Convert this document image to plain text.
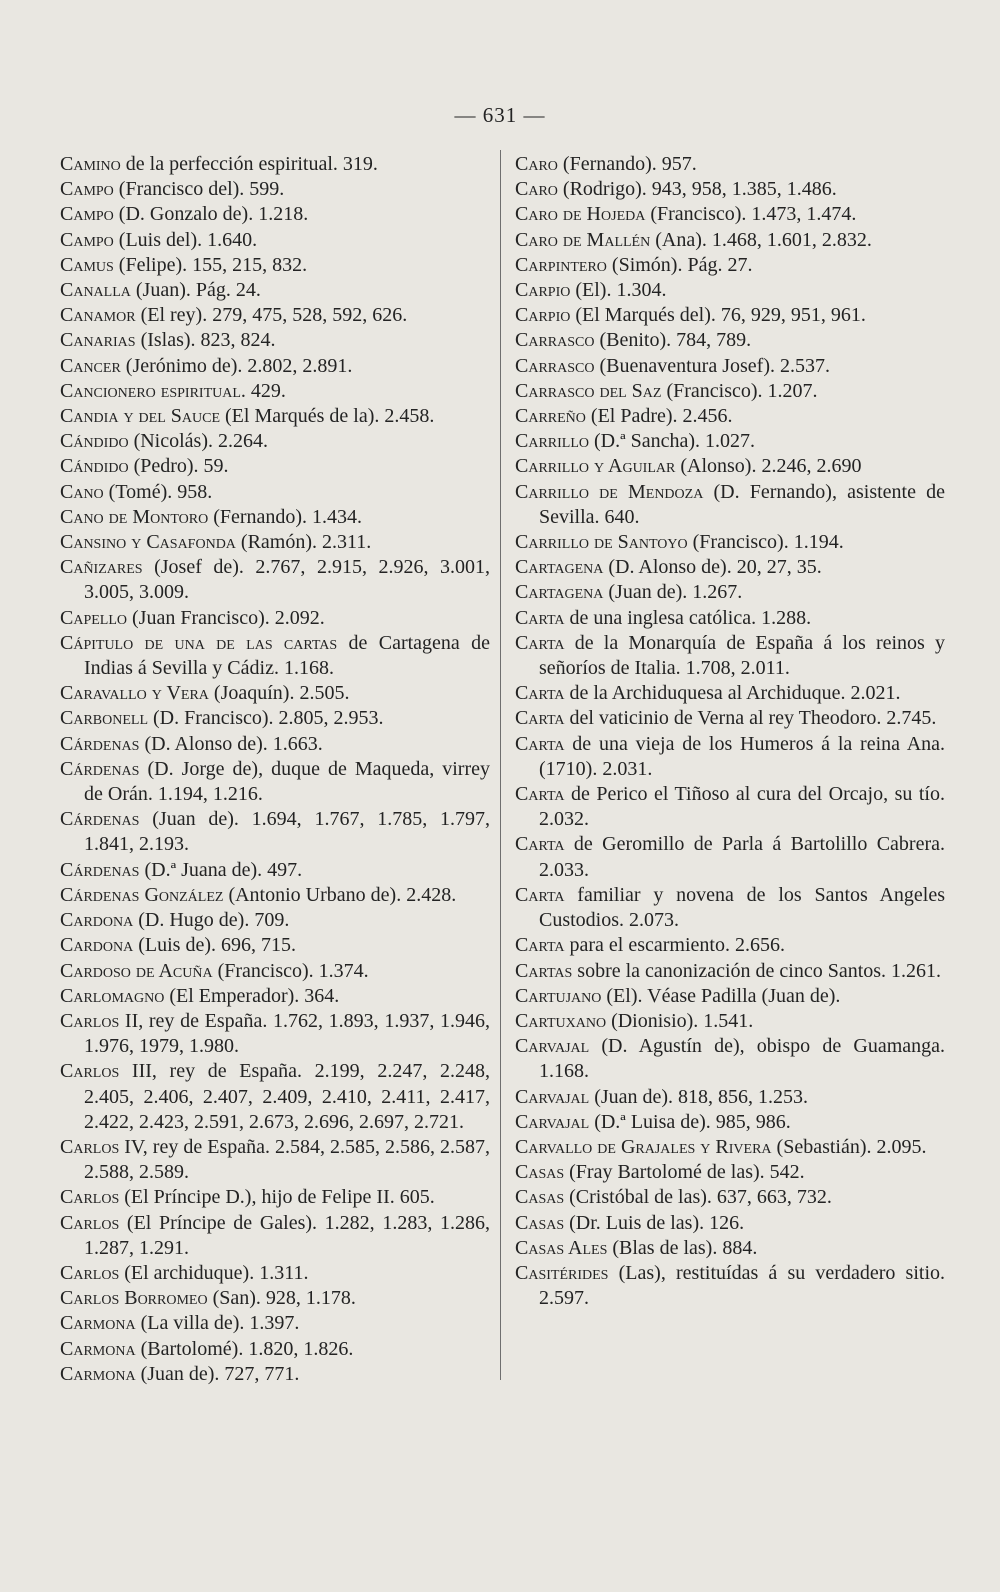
— 631 —
Camino de la perfección espiritual. 319.
Campo (Francisco del). 599.
Campo (D. Gonzalo de). 1.218.
Campo (Luis del). 1.640.
Camus (Felipe). 155, 215, 832.
Canalla (Juan). Pág. 24.
Canamor (El rey). 279, 475, 528, 592, 626.
Canarias (Islas). 823, 824.
Cancer (Jerónimo de). 2.802, 2.891.
Cancionero espiritual. 429.
Candia y del Sauce (El Marqués de la). 2.458.
Cándido (Nicolás). 2.264.
Cándido (Pedro). 59.
Cano (Tomé). 958.
Cano de Montoro (Fernando). 1.434.
Cansino y Casafonda (Ramón). 2.311.
Cañizares (Josef de). 2.767, 2.915, 2.926, 3.001, 3.005, 3.009.
Capello (Juan Francisco). 2.092.
Cápitulo de una de las cartas de Cartagena de Indias á Sevilla y Cádiz. 1.168.
Caravallo y Vera (Joaquín). 2.505.
Carbonell (D. Francisco). 2.805, 2.953.
Cárdenas (D. Alonso de). 1.663.
Cárdenas (D. Jorge de), duque de Maqueda, virrey de Orán. 1.194, 1.216.
Cárdenas (Juan de). 1.694, 1.767, 1.785, 1.797, 1.841, 2.193.
Cárdenas (D.ª Juana de). 497.
Cárdenas González (Antonio Urbano de). 2.428.
Cardona (D. Hugo de). 709.
Cardona (Luis de). 696, 715.
Cardoso de Acuña (Francisco). 1.374.
Carlomagno (El Emperador). 364.
Carlos II, rey de España. 1.762, 1.893, 1.937, 1.946, 1.976, 1979, 1.980.
Carlos III, rey de España. 2.199, 2.247, 2.248, 2.405, 2.406, 2.407, 2.409, 2.410, 2.411, 2.417, 2.422, 2.423, 2.591, 2.673, 2.696, 2.697, 2.721.
Carlos IV, rey de España. 2.584, 2.585, 2.586, 2.587, 2.588, 2.589.
Carlos (El Príncipe D.), hijo de Felipe II. 605.
Carlos (El Príncipe de Gales). 1.282, 1.283, 1.286, 1.287, 1.291.
Carlos (El archiduque). 1.311.
Carlos Borromeo (San). 928, 1.178.
Carmona (La villa de). 1.397.
Carmona (Bartolomé). 1.820, 1.826.
Carmona (Juan de). 727, 771.
Caro (Fernando). 957.
Caro (Rodrigo). 943, 958, 1.385, 1.486.
Caro de Hojeda (Francisco). 1.473, 1.474.
Caro de Mallén (Ana). 1.468, 1.601, 2.832.
Carpintero (Simón). Pág. 27.
Carpio (El). 1.304.
Carpio (El Marqués del). 76, 929, 951, 961.
Carrasco (Benito). 784, 789.
Carrasco (Buenaventura Josef). 2.537.
Carrasco del Saz (Francisco). 1.207.
Carreño (El Padre). 2.456.
Carrillo (D.ª Sancha). 1.027.
Carrillo y Aguilar (Alonso). 2.246, 2.690
Carrillo de Mendoza (D. Fernando), asistente de Sevilla. 640.
Carrillo de Santoyo (Francisco). 1.194.
Cartagena (D. Alonso de). 20, 27, 35.
Cartagena (Juan de). 1.267.
Carta de una inglesa católica. 1.288.
Carta de la Monarquía de España á los reinos y señoríos de Italia. 1.708, 2.011.
Carta de la Archiduquesa al Archiduque. 2.021.
Carta del vaticinio de Verna al rey Theodoro. 2.745.
Carta de una vieja de los Humeros á la reina Ana. (1710). 2.031.
Carta de Perico el Tiñoso al cura del Orcajo, su tío. 2.032.
Carta de Geromillo de Parla á Bartolillo Cabrera. 2.033.
Carta familiar y novena de los Santos Angeles Custodios. 2.073.
Carta para el escarmiento. 2.656.
Cartas sobre la canonización de cinco Santos. 1.261.
Cartujano (El). Véase Padilla (Juan de).
Cartuxano (Dionisio). 1.541.
Carvajal (D. Agustín de), obispo de Guamanga. 1.168.
Carvajal (Juan de). 818, 856, 1.253.
Carvajal (D.ª Luisa de). 985, 986.
Carvallo de Grajales y Rivera (Sebastián). 2.095.
Casas (Fray Bartolomé de las). 542.
Casas (Cristóbal de las). 637, 663, 732.
Casas (Dr. Luis de las). 126.
Casas Ales (Blas de las). 884.
Casitérides (Las), restituídas á su verdadero sitio. 2.597.
